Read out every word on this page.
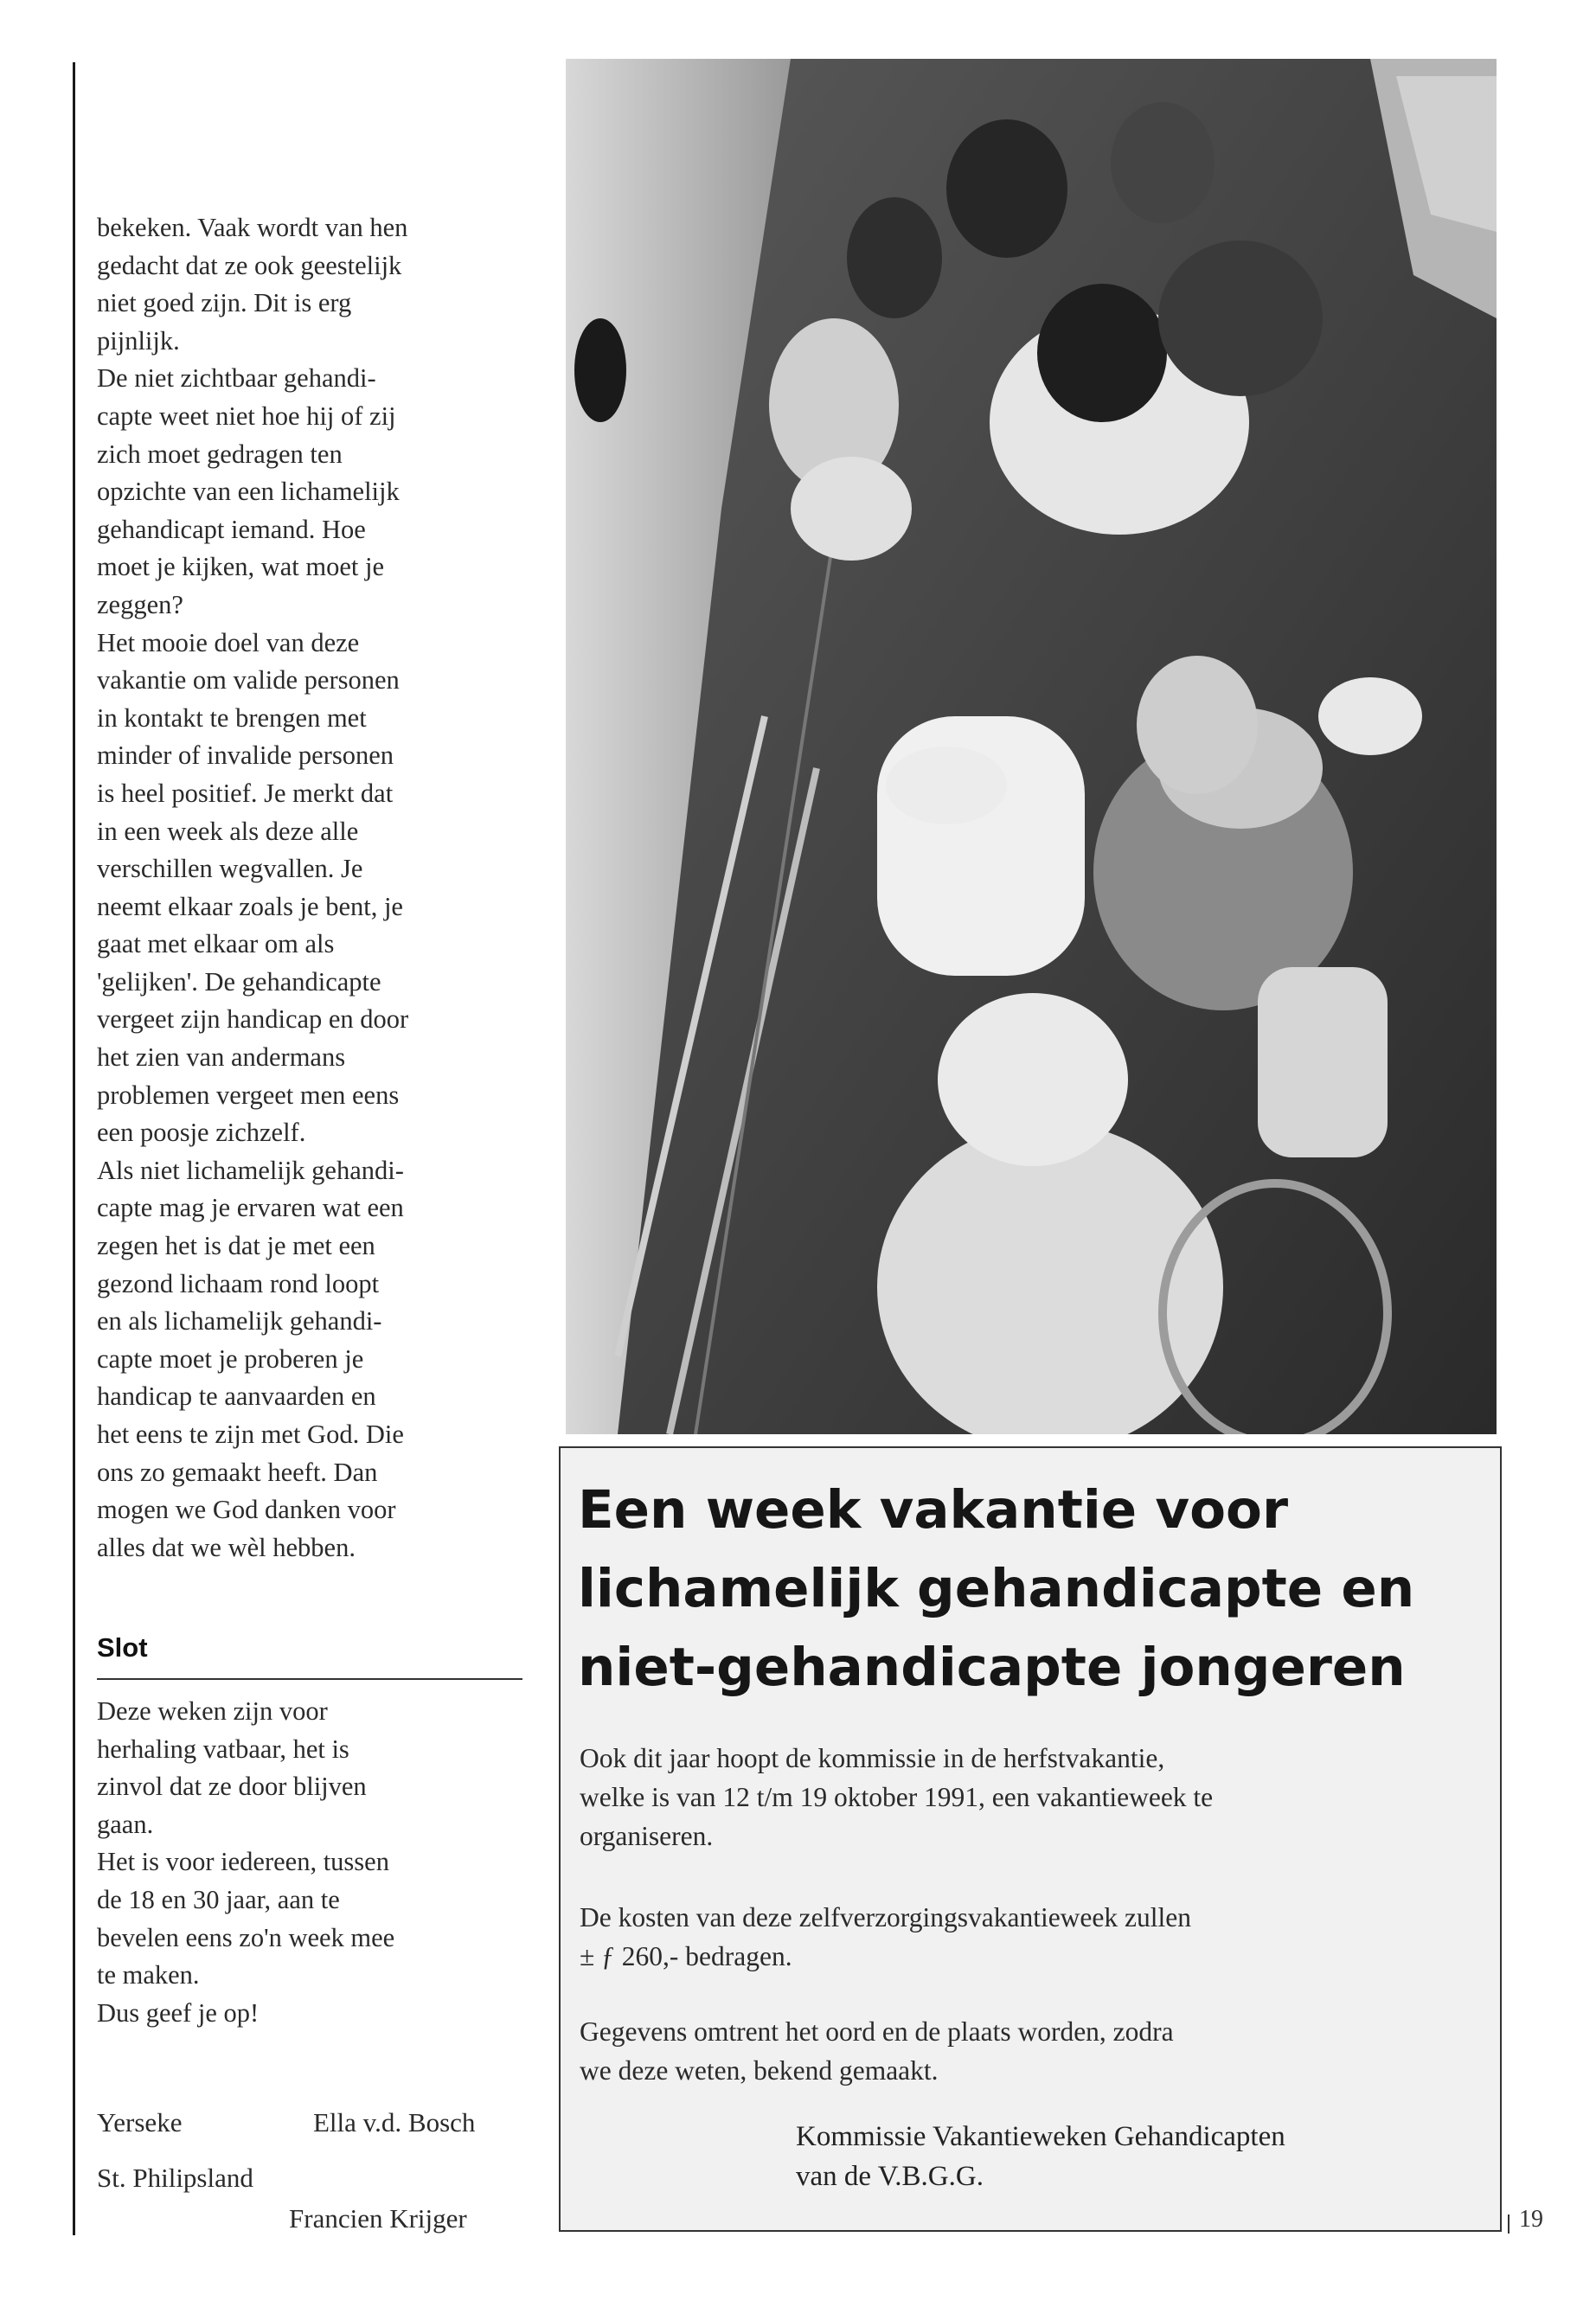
bekeken. Vaak wordt van hen

gedacht dat ze ook geestelijk

niet goed zijn. Dit is erg

pijnlijk.

De niet zichtbaar gehandi-

capte weet niet hoe hij of zij

zich moet gedragen ten

opzichte van een lichamelijk

gehandicapt iemand. Hoe

moet je kijken, wat moet je

zeggen?

Het mooie doel van deze

vakantie om valide personen

in kontakt te brengen met

minder of invalide personen

is heel positief. Je merkt dat

in een week als deze alle

verschillen wegvallen. Je

neemt elkaar zoals je bent, je

gaat met elkaar om als

'gelijken'. De gehandicapte

vergeet zijn handicap en door

het zien van andermans

problemen vergeet men eens

een poosje zichzelf.

Als niet lichamelijk gehandi-

capte mag je ervaren wat een

zegen het is dat je met een

gezond lichaam rond loopt

en als lichamelijk gehandi-

capte moet je proberen je

handicap te aanvaarden en

het eens te zijn met God. Die

ons zo gemaakt heeft. Dan

mogen we God danken voor

alles dat we wèl hebben.

Slot

Deze weken zijn voor

herhaling vatbaar, het is

zinvol dat ze door blijven

gaan.

Het is voor iedereen, tussen

de 18 en 30 jaar, aan te

bevelen eens zo'n week mee

te maken.

Dus geef je op!

Yerseke	Ella v.d. Bosch
St. Philipsland
Francien Krijger
Een week vakantie voor
lichamelijk gehandicapte en
niet-gehandicapte jongeren

Ook dit jaar hoopt de kommissie in de herfstvakantie,
welke is van 12 t/m 19 oktober 1991, een vakantieweek te
organiseren.

De kosten van deze zelfverzorgingsvakantieweek zullen
± ƒ 260,- bedragen.

Gegevens omtrent het oord en de plaats worden, zodra
we deze weten, bekend gemaakt.

Kommissie Vakantieweken Gehandicapten
van de V.B.G.G.

19
